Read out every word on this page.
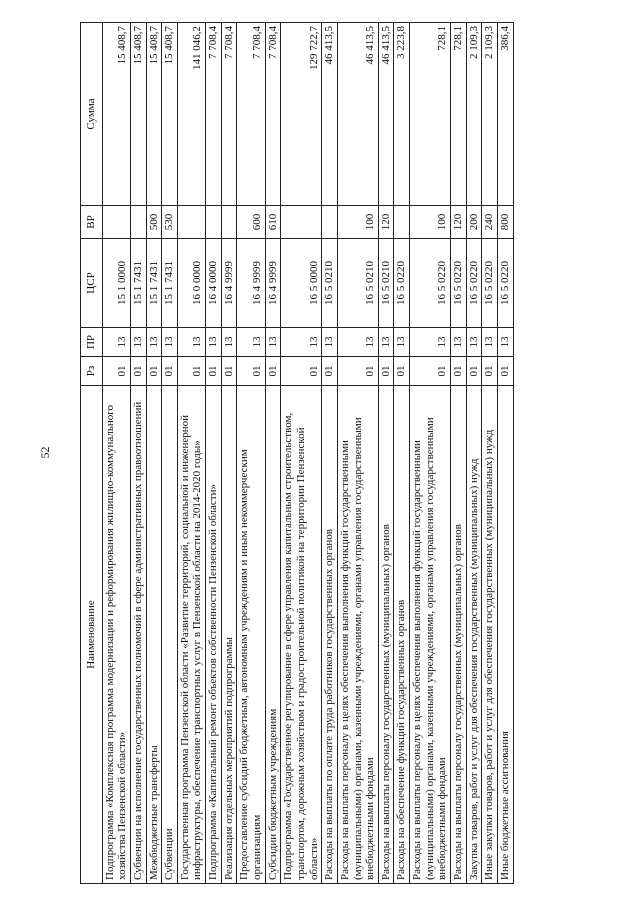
52
Наименование	Рз	ПР	ЦСР	ВР	Сумма
Подпрограмма «Комплексная программа модернизации и реформирования жилищно-коммунального хозяйства Пензенской области»	01	13	15 1 0000		15 408,7
Субвенции на исполнение государственных полномочий в сфере административных правоотношений	01	13	15 1 7431		15 408,7
Межбюджетные трансферты	01	13	15 1 7431	500	15 408,7
Субвенции	01	13	15 1 7431	530	15 408,7
Государственная программа Пензенской области «Развитие территорий, социальной и инженерной инфраструктуры, обеспечение транспортных услуг в Пензенской области на 2014-2020 годы»	01	13	16 0 0000		141 046,2
Подпрограмма «Капитальный ремонт объектов собственности Пензенской области»	01	13	16 4 0000		7 708,4
Реализация отдельных мероприятий подпрограммы	01	13	16 4 9999		7 708,4
Предоставление субсидий бюджетным, автономным учреждениям и иным некоммерческим организациям	01	13	16 4 9999	600	7 708,4
Субсидии бюджетным учреждениям	01	13	16 4 9999	610	7 708,4
Подпрограмма «Государственное регулирование в сфере управления капитальным строительством, транспортом, дорожным хозяйством и градостроительной политикой на территории Пензенской области»	01	13	16 5 0000		129 722,7
Расходы на выплаты по оплате труда работников государственных органов	01	13	16 5 0210		46 413,5
Расходы на выплаты персоналу в целях обеспечения выполнения функций государственными (муниципальными) органами, казенными учреждениями, органами управления государственными внебюджетными фондами	01	13	16 5 0210	100	46 413,5
Расходы на выплаты персоналу государственных (муниципальных) органов	01	13	16 5 0210	120	46 413,5
Расходы на обеспечение функций государственных органов	01	13	16 5 0220		3 223,8
Расходы на выплаты персоналу в целях обеспечения выполнения функций государственными (муниципальными) органами, казенными учреждениями, органами управления государственными внебюджетными фондами	01	13	16 5 0220	100	728,1
Расходы на выплаты персоналу государственных (муниципальных) органов	01	13	16 5 0220	120	728,1
Закупка товаров, работ и услуг для обеспечения государственных (муниципальных) нужд	01	13	16 5 0220	200	2 109,3
Иные закупки товаров, работ и услуг для обеспечения государственных (муниципальных) нужд	01	13	16 5 0220	240	2 109,3
Иные бюджетные ассигнования	01	13	16 5 0220	800	386,4
